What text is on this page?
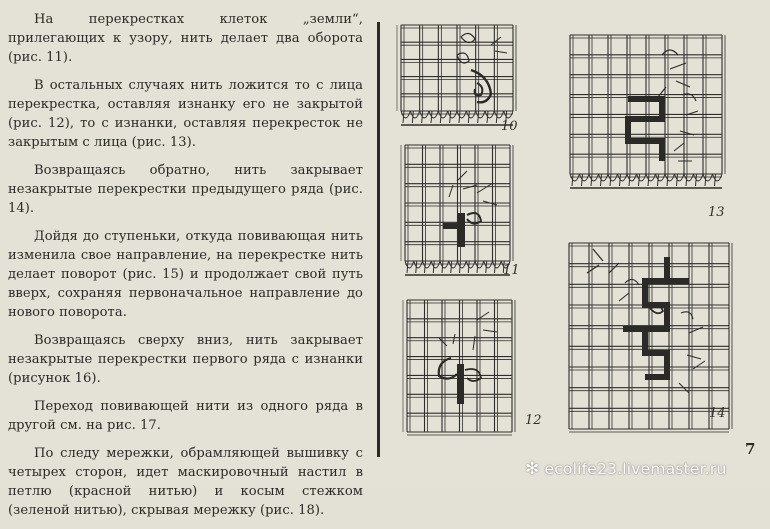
На перекрестках клеток „земли“, прилегающих к узору, нить делает два оборота (рис. 11).

В остальных случаях нить ложится то с лица перекрестка, оставляя изнанку его не закрытой (рис. 12), то с изнанки, оставляя перекресток не закрытым с лица (рис. 13).

Возвращаясь обратно, нить закрывает незакрытые перекрестки предыдущего ряда (рис. 14).

Дойдя до ступеньки, откуда повивающая нить изменила свое направление, на перекрестке нить делает поворот (рис. 15) и продолжает свой путь вверх, сохраняя первоначальное направление до нового поворота.

Возвращаясь сверху вниз, нить закрывает незакрытые перекрестки первого ряда с изнанки (рисунок 16).

Переход повивающей нити из одного ряда в другой см. на рис. 17.

По следу мережки, обрамляющей вышивку с четырех сторон, идет маскировочный настил в петлю (красной нитью) и косым стежком (зеленой нитью), скрывая мережку (рис. 18).

10
11
12
13
14
7
✻ ecolife23.livemaster.ru
